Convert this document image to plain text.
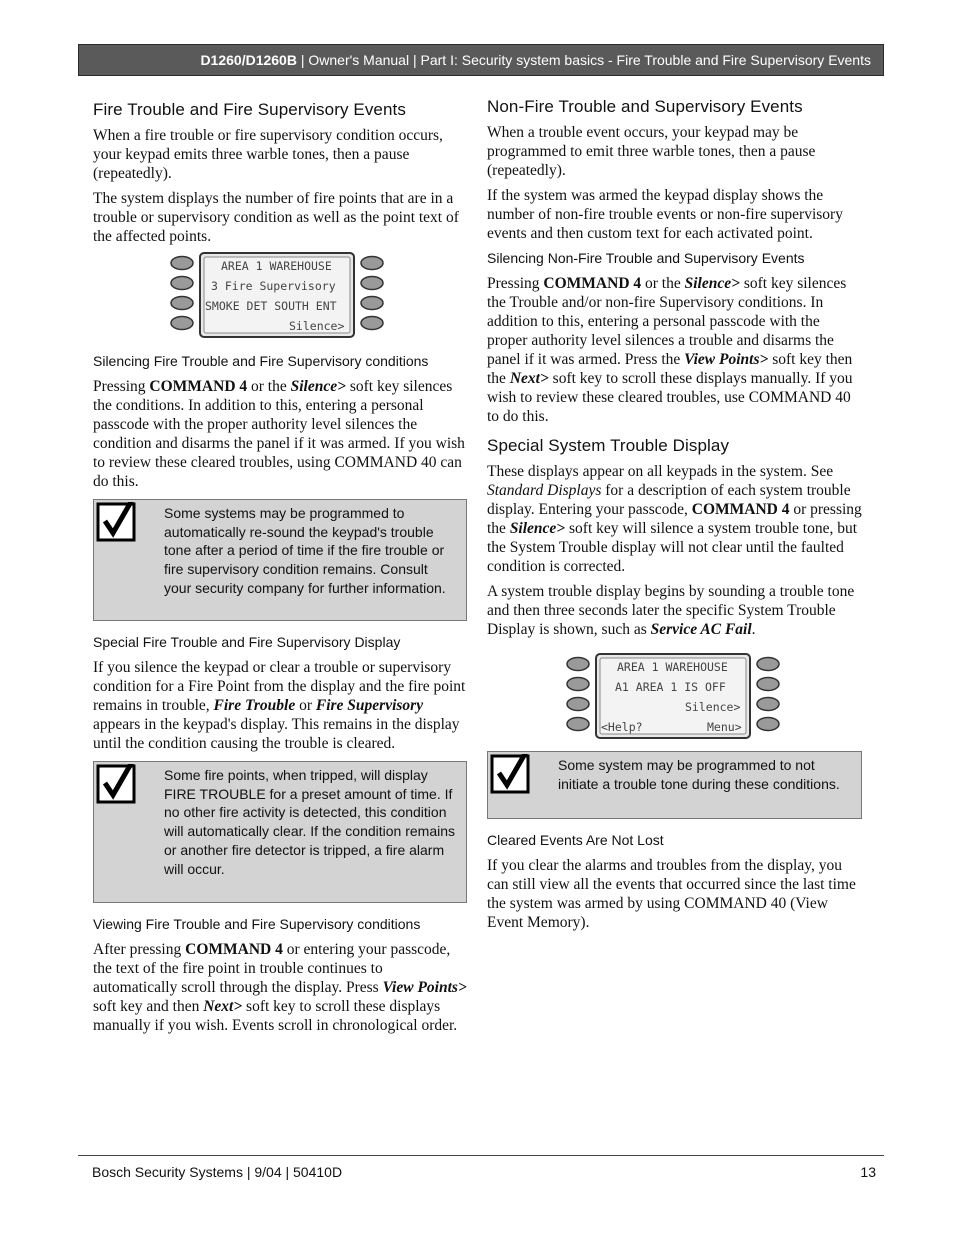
D1260/D1260B | Owner's Manual | Part I: Security system basics - Fire Trouble and Fire Supervisory Events
Fire Trouble and Fire Supervisory Events

When a fire trouble or fire supervisory condition occurs, your keypad emits three warble tones, then a pause (repeatedly).

The system displays the number of fire points that are in a trouble or supervisory condition as well as the point text of the affected points.

AREA 1 WAREHOUSE
3 Fire Supervisory
SMOKE DET SOUTH ENT
Silence>
Silencing Fire Trouble and Fire Supervisory conditions

Pressing COMMAND 4 or the Silence> soft key silences the conditions. In addition to this, entering a personal passcode with the proper authority level silences the condition and disarms the panel if it was armed. If you wish to review these cleared troubles, using COMMAND 40 can do this.

Some systems may be programmed to automatically re-sound the keypad's trouble tone after a period of time if the fire trouble or fire supervisory condition remains. Consult your security company for further information.
Special Fire Trouble and Fire Supervisory Display

If you silence the keypad or clear a trouble or supervisory condition for a Fire Point from the display and the fire point remains in trouble, Fire Trouble or Fire Supervisory appears in the keypad's display. This remains in the display until the condition causing the trouble is cleared.

Some fire points, when tripped, will display FIRE TROUBLE for a preset amount of time. If no other fire activity is detected, this condition will automatically clear. If the condition remains or another fire detector is tripped, a fire alarm will occur.
Viewing Fire Trouble and Fire Supervisory conditions

After pressing COMMAND 4 or entering your passcode, the text of the fire point in trouble continues to automatically scroll through the display. Press View Points> soft key and then Next> soft key to scroll these displays manually if you wish. Events scroll in chronological order.

Non-Fire Trouble and Supervisory Events

When a trouble event occurs, your keypad may be programmed to emit three warble tones, then a pause (repeatedly).

If the system was armed the keypad display shows the number of non-fire trouble events or non-fire supervisory events and then custom text for each activated point.

Silencing Non-Fire Trouble and Supervisory Events

Pressing COMMAND 4 or the Silence> soft key silences the Trouble and/or non-fire Supervisory conditions. In addition to this, entering a personal passcode with the proper authority level silences a trouble and disarms the panel if it was armed. Press the View Points> soft key then the Next> soft key to scroll these displays manually. If you wish to review these cleared troubles, use COMMAND 40 to do this.

Special System Trouble Display

These displays appear on all keypads in the system. See Standard Displays for a description of each system trouble display. Entering your passcode, COMMAND 4 or pressing the Silence> soft key will silence a system trouble tone, but the System Trouble display will not clear until the faulted condition is corrected.

A system trouble display begins by sounding a trouble tone and then three seconds later the specific System Trouble Display is shown, such as Service AC Fail.

AREA 1 WAREHOUSE
A1 AREA 1 IS OFF
Silence>
<Help?	Menu>
Some system may be programmed to not initiate a trouble tone during these conditions.
Cleared Events Are Not Lost

If you clear the alarms and troubles from the display, you can still view all the events that occurred since the last time the system was armed by using COMMAND 40 (View Event Memory).

Bosch Security Systems | 9/04 | 50410D	13
